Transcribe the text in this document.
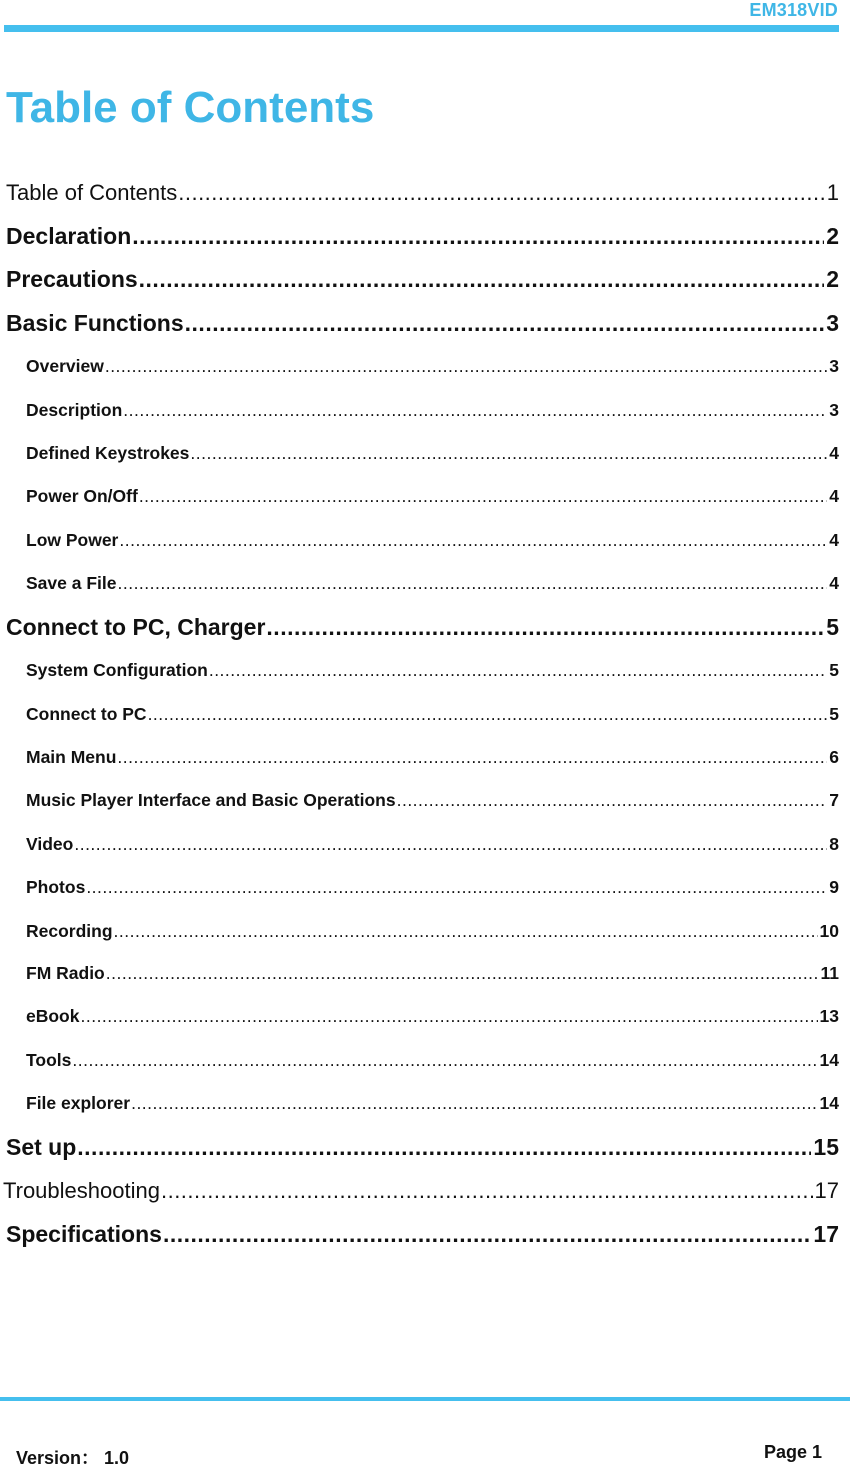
EM318VID
Table of Contents
Table of Contents .....	1
Declaration .....	2
Precautions .....	2
Basic Functions .....	3
Overview .....	3
Description .....	3
Defined Keystrokes .....	4
Power On/Off .....	4
Low Power .....	4
Save a File .....	4
Connect to PC, Charger .....	5
System Configuration .....	5
Connect to PC .....	5
Main Menu .....	6
Music Player Interface and Basic Operations .....	7
Video .....	8
Photos .....	9
Recording .....	10
FM Radio .....	11
eBook .....	13
Tools .....	14
File explorer .....	14
Set up .....	15
Troubleshooting .....	17
Specifications .....	17
Version： 1.0	Page 1
